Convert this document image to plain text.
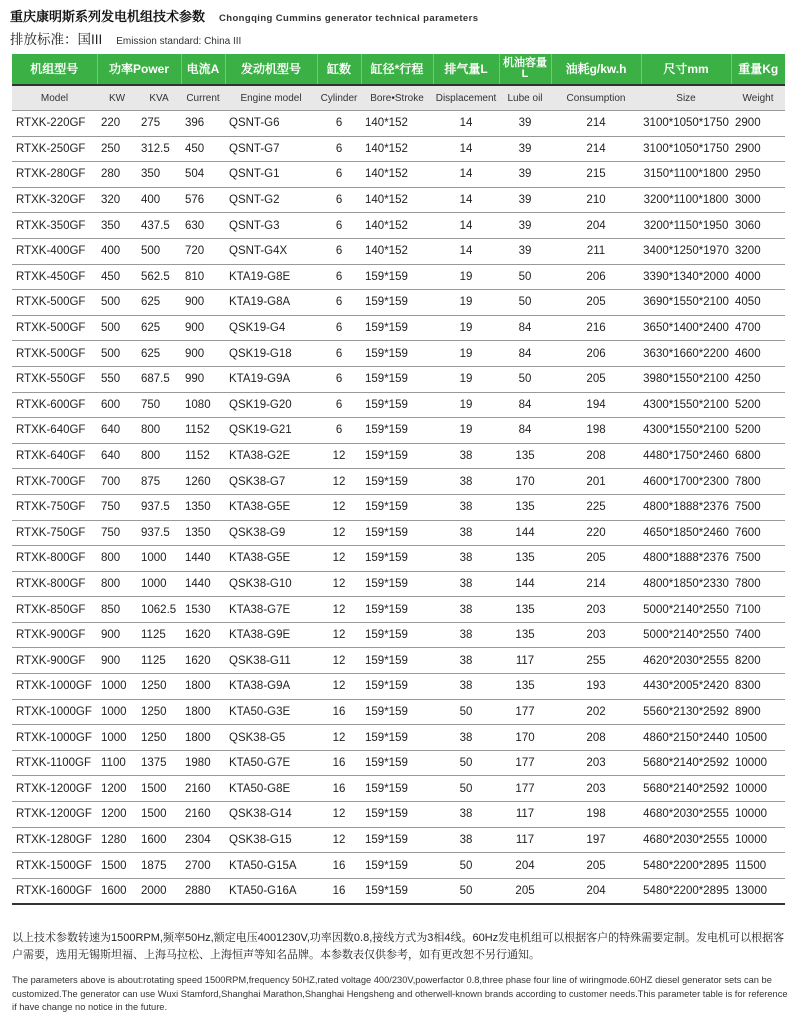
重庆康明斯系列发电机组技术参数 Chongqing Cummins generator technical parameters
排放标准：国III Emission standard: China III
机组型号	功率Power		电流A	发动机型号	缸数	缸径*行程	排气量L	机油容量L	油耗g/kw.h	尺寸mm	重量Kg
Model	KW	KVA	Current	Engine model	Cylinder	Bore•Stroke	Displacement	Lube oil	Consumption	Size	Weight
RTXK-220GF	220	275	396	QSNT-G6	6	140*152	14	39	214	3100*1050*1750	2900
RTXK-250GF	250	312.5	450	QSNT-G7	6	140*152	14	39	214	3100*1050*1750	2900
RTXK-280GF	280	350	504	QSNT-G1	6	140*152	14	39	215	3150*1100*1800	2950
RTXK-320GF	320	400	576	QSNT-G2	6	140*152	14	39	210	3200*1100*1800	3000
RTXK-350GF	350	437.5	630	QSNT-G3	6	140*152	14	39	204	3200*1150*1950	3060
RTXK-400GF	400	500	720	QSNT-G4X	6	140*152	14	39	211	3400*1250*1970	3200
RTXK-450GF	450	562.5	810	KTA19-G8E	6	159*159	19	50	206	3390*1340*2000	4000
RTXK-500GF	500	625	900	KTA19-G8A	6	159*159	19	50	205	3690*1550*2100	4050
RTXK-500GF	500	625	900	QSK19-G4	6	159*159	19	84	216	3650*1400*2400	4700
RTXK-500GF	500	625	900	QSK19-G18	6	159*159	19	84	206	3630*1660*2200	4600
RTXK-550GF	550	687.5	990	KTA19-G9A	6	159*159	19	50	205	3980*1550*2100	4250
RTXK-600GF	600	750	1080	QSK19-G20	6	159*159	19	84	194	4300*1550*2100	5200
RTXK-640GF	640	800	1152	QSK19-G21	6	159*159	19	84	198	4300*1550*2100	5200
RTXK-640GF	640	800	1152	KTA38-G2E	12	159*159	38	135	208	4480*1750*2460	6800
RTXK-700GF	700	875	1260	QSK38-G7	12	159*159	38	170	201	4600*1700*2300	7800
RTXK-750GF	750	937.5	1350	KTA38-G5E	12	159*159	38	135	225	4800*1888*2376	7500
RTXK-750GF	750	937.5	1350	QSK38-G9	12	159*159	38	144	220	4650*1850*2460	7600
RTXK-800GF	800	1000	1440	KTA38-G5E	12	159*159	38	135	205	4800*1888*2376	7500
RTXK-800GF	800	1000	1440	QSK38-G10	12	159*159	38	144	214	4800*1850*2330	7800
RTXK-850GF	850	1062.5	1530	KTA38-G7E	12	159*159	38	135	203	5000*2140*2550	7100
RTXK-900GF	900	1125	1620	KTA38-G9E	12	159*159	38	135	203	5000*2140*2550	7400
RTXK-900GF	900	1125	1620	QSK38-G11	12	159*159	38	117	255	4620*2030*2555	8200
RTXK-1000GF	1000	1250	1800	KTA38-G9A	12	159*159	38	135	193	4430*2005*2420	8300
RTXK-1000GF	1000	1250	1800	KTA50-G3E	16	159*159	50	177	202	5560*2130*2592	8900
RTXK-1000GF	1000	1250	1800	QSK38-G5	12	159*159	38	170	208	4860*2150*2440	10500
RTXK-1100GF	1100	1375	1980	KTA50-G7E	16	159*159	50	177	203	5680*2140*2592	10000
RTXK-1200GF	1200	1500	2160	KTA50-G8E	16	159*159	50	177	203	5680*2140*2592	10000
RTXK-1200GF	1200	1500	2160	QSK38-G14	12	159*159	38	117	198	4680*2030*2555	10000
RTXK-1280GF	1280	1600	2304	QSK38-G15	12	159*159	38	117	197	4680*2030*2555	10000
RTXK-1500GF	1500	1875	2700	KTA50-G15A	16	159*159	50	204	205	5480*2200*2895	11500
RTXK-1600GF	1600	2000	2880	KTA50-G16A	16	159*159	50	205	204	5480*2200*2895	13000
以上技术参数转速为1500RPM,频率50Hz,额定电压4001230V,功率因数0.8,接线方式为3相4线。60Hz发电机组可以根据客户的特殊需要定制。发电机可以根据客户需要，选用无锡斯坦福、上海马拉松、上海恒声等知名品牌。本参数表仅供参考，如有更改恕不另行通知。
The parameters above is about:rotating speed 1500RPM,frequency 50HZ,rated voltage 400/230V,powerfactor 0.8,three phase four line of wiringmode.60HZ diesel generator sets can be customized.The generator can use Wuxi Stamford,Shanghai Marathon,Shanghai Hengsheng and otherwell-known brands according to customer needs.This parameter table is for reference if have change no notice in the future.
